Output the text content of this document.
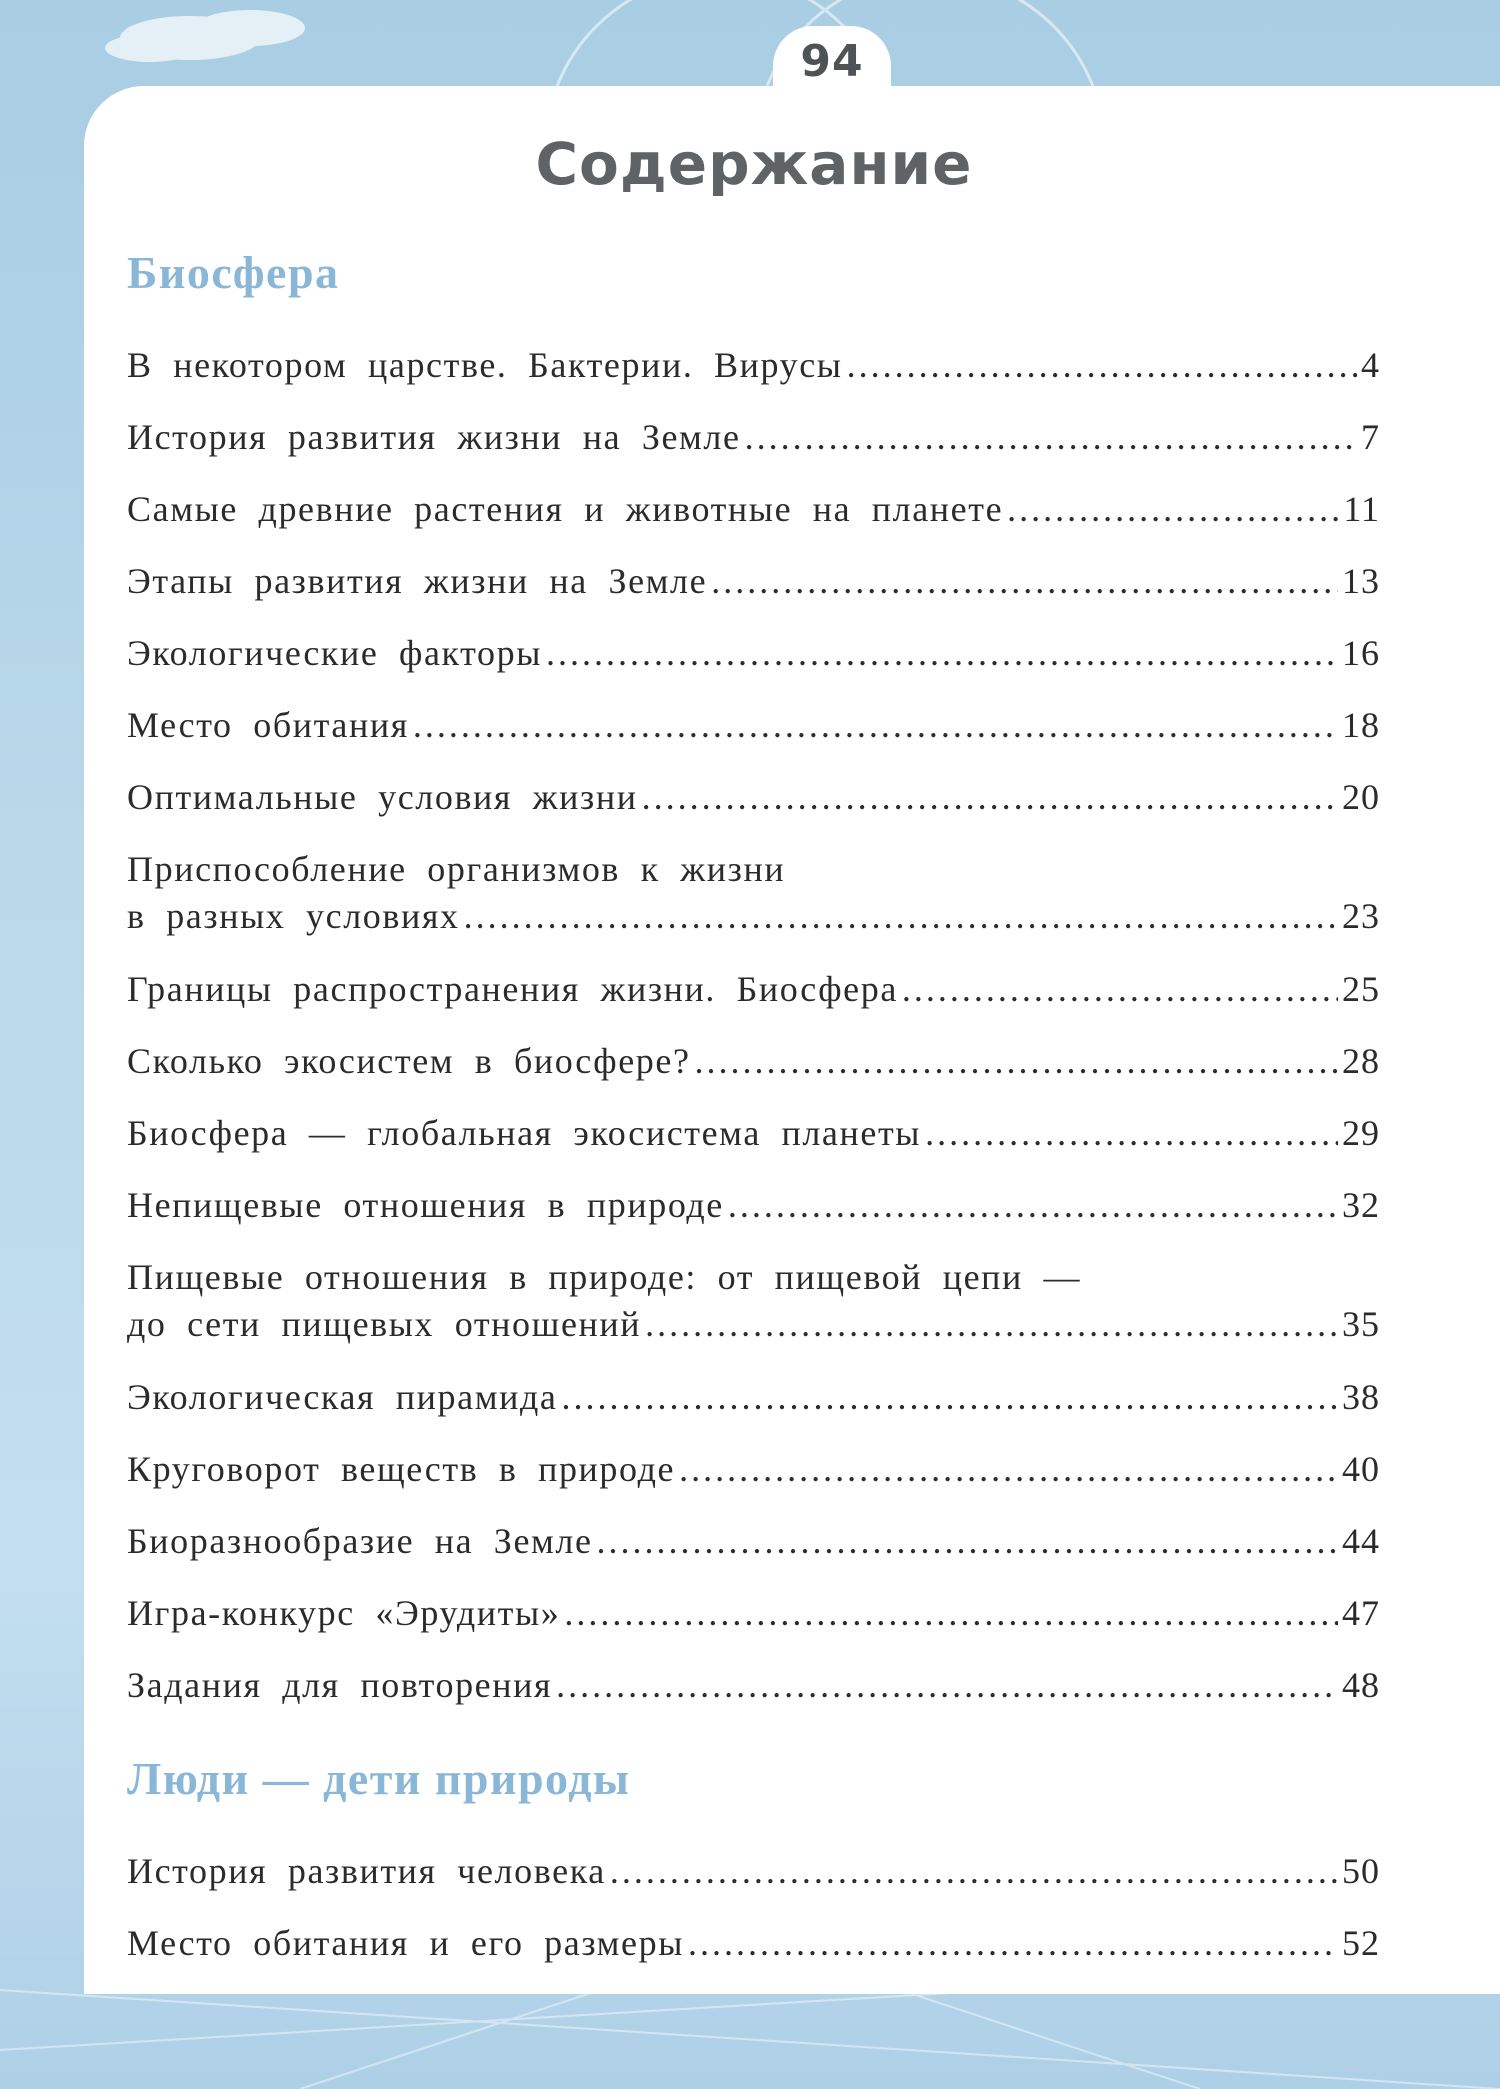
94
Содержание
Биосфера
В некотором царстве. Бактерии. Вирусы .....	4
История развития жизни на Земле .....	7
Самые древние растения и животные на планете .....	11
Этапы развития жизни на Земле .....	13
Экологические факторы .....	16
Место обитания .....	18
Оптимальные условия жизни .....	20
Приспособление организмов к жизни
в разных условиях .....	23
Границы распространения жизни. Биосфера .....	25
Сколько экосистем в биосфере? .....	28
Биосфера — глобальная экосистема планеты .....	29
Непищевые отношения в природе .....	32
Пищевые отношения в природе: от пищевой цепи —
до сети пищевых отношений .....	35
Экологическая пирамида .....	38
Круговорот веществ в природе .....	40
Биоразнообразие на Земле .....	44
Игра-конкурс «Эрудиты» .....	47
Задания для повторения .....	48
Люди — дети природы
История развития человека .....	50
Место обитания и его размеры .....	52
